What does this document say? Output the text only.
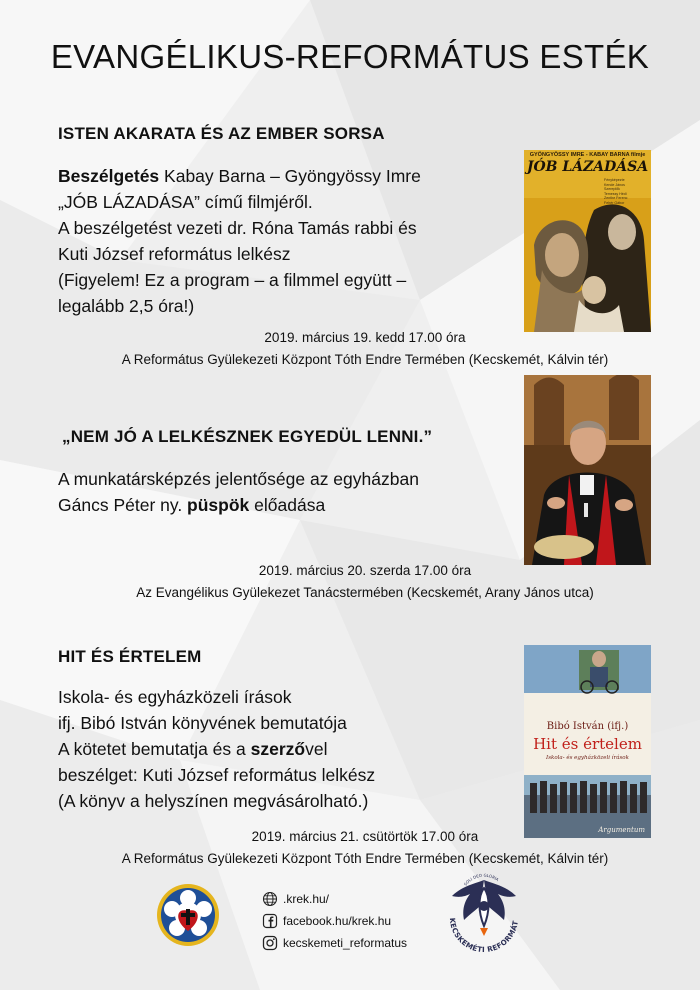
EVANGÉLIKUS-REFORMÁTUS ESTÉK
ISTEN AKARATA ÉS AZ EMBER SORSA
Beszélgetés Kabay Barna – Gyöngyössy Imre
„JÓB LÁZADÁSA” című filmjéről.
A beszélgetést vezeti dr. Róna Tamás rabbi és
Kuti József református lelkész
(Figyelem! Ez a program – a filmmel együtt –
legalább 2,5 óra!)
2019. március 19. kedd 17.00 óra
A Református Gyülekezeti Központ Tóth Endre Termében (Kecskemét, Kálvin tér)
GYÖNGYÖSSY IMRE - KABAY BARNA filmje
JÓB LÁZADÁSA
Fényképezte
Kende János
Szereplők
Temessy Hédi
Zenthe Ferenc
Fehér Gábor
„NEM JÓ A LELKÉSZNEK EGYEDÜL LENNI.”
A munkatársképzés jelentősége az egyházban
Gáncs Péter ny. püspök előadása
2019. március 20. szerda 17.00 óra
Az Evangélikus Gyülekezet Tanácstermében (Kecskemét, Arany János utca)
HIT ÉS ÉRTELEM
Iskola- és egyházközeli írások
ifj. Bibó István könyvének bemutatója
A kötetet bemutatja és a szerzővel
beszélget: Kuti József református lelkész
(A könyv a helyszínen megvásárolható.)
2019. március 21. csütörtök 17.00 óra
A Református Gyülekezeti Központ Tóth Endre Termében (Kecskemét, Kálvin tér)
Bibó István (ifj.)
Hit és értelem
Iskola- és egyházközeli írások
Argumentum
.krek.hu/
facebook.hu/krek.hu
kecskemeti_reformatus
KECSKEMÉTI REFORMÁT
SOLI DEO GLORIA
